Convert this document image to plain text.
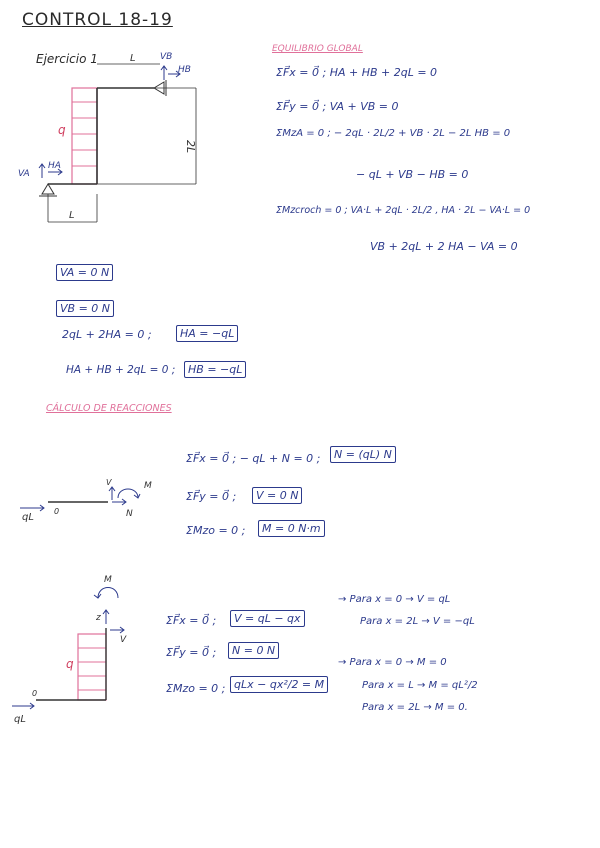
CONTROL 18-19
Ejercicio 1	L	VB
HB
q
2L
VA
HA
L
EQUILIBRIO GLOBAL
ΣF⃗x = 0⃗ ; HA + HB + 2qL = 0
ΣF⃗y = 0⃗ ; VA + VB = 0
ΣMzA = 0 ; − 2qL · 2L/2 + VB · 2L − 2L HB = 0
− qL + VB − HB = 0
ΣMzcroch = 0 ; VA·L + 2qL · 2L/2 , HA · 2L − VA·L = 0
VB + 2qL + 2 HA − VA = 0
VA = 0 N
VB = 0 N
2qL + 2HA = 0 ;	HA = −qL
HA + HB + 2qL = 0 ;	HB = −qL
CÁLCULO DE REACCIONES
qL
0
V	M
N
ΣF⃗x = 0⃗ ; − qL + N = 0 ;	N = (qL) N
ΣF⃗y = 0⃗ ;	V = 0 N
ΣMzo = 0 ;	M = 0 N·m
M
z
V
q
0
qL
ΣF⃗x = 0⃗ ;	V = qL − qx
ΣF⃗y = 0⃗ ;	N = 0 N
ΣMzo = 0 ; qLx − qx²/2 = M
→ Para x = 0 → V = qL
Para x = 2L → V = −qL
→ Para x = 0 → M = 0
Para x = L → M = qL²/2
Para x = 2L → M = 0.
